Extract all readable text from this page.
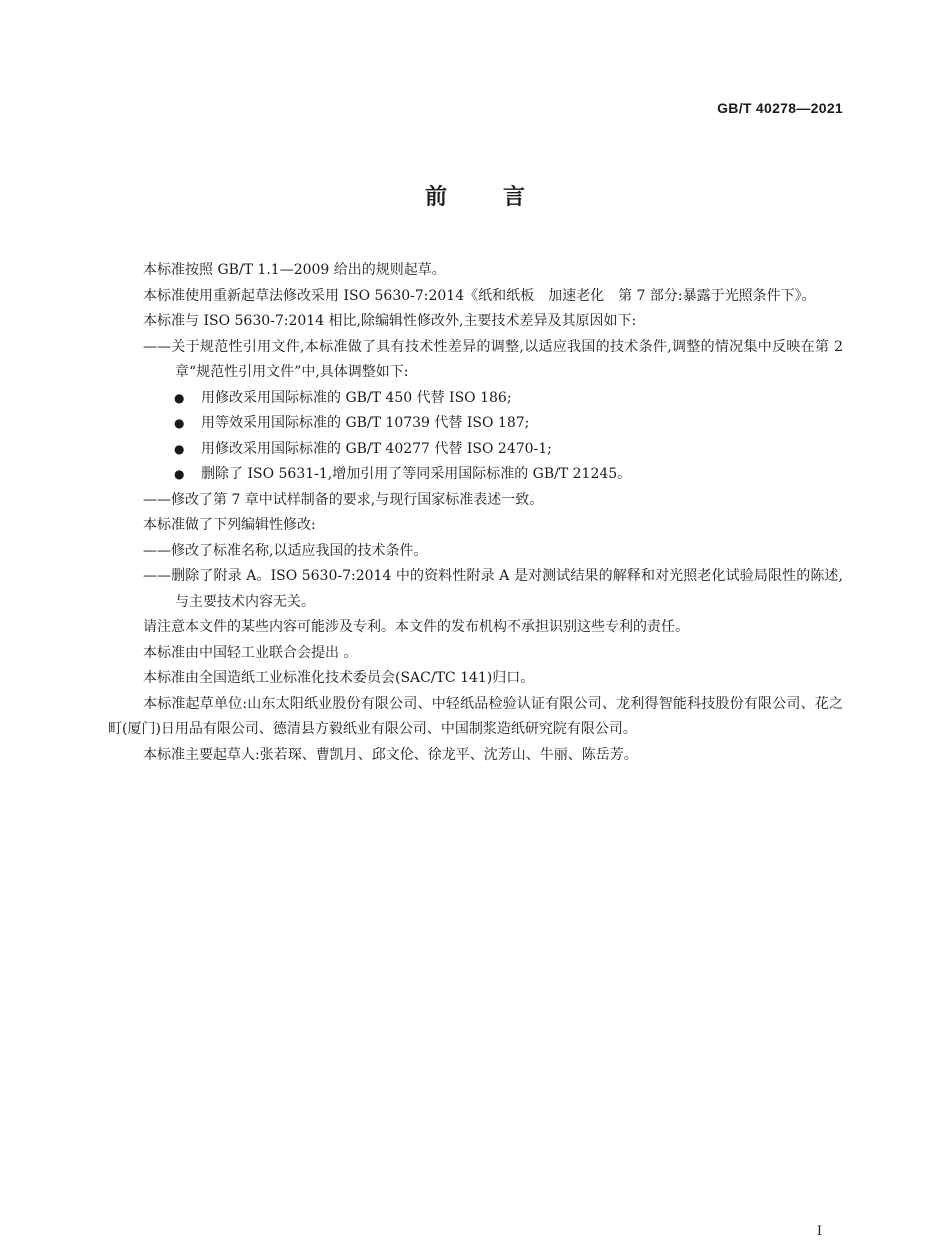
GB/T 40278—2021
前言

本标准按照 GB/T 1.1—2009 给出的规则起草。

本标准使用重新起草法修改采用 ISO 5630-7:2014《纸和纸板　加速老化　第 7 部分:暴露于光照条件下》。

本标准与 ISO 5630-7:2014 相比,除编辑性修改外,主要技术差异及其原因如下:

——关于规范性引用文件,本标准做了具有技术性差异的调整,以适应我国的技术条件,调整的情况集中反映在第 2 章“规范性引用文件”中,具体调整如下:

● 用修改采用国际标准的 GB/T 450 代替 ISO 186;
● 用等效采用国际标准的 GB/T 10739 代替 ISO 187;
● 用修改采用国际标准的 GB/T 40277 代替 ISO 2470-1;
● 删除了 ISO 5631-1,增加引用了等同采用国际标准的 GB/T 21245。

——修改了第 7 章中试样制备的要求,与现行国家标准表述一致。

本标准做了下列编辑性修改:

——修改了标准名称,以适应我国的技术条件。

——删除了附录 A。ISO 5630-7:2014 中的资料性附录 A 是对测试结果的解释和对光照老化试验局限性的陈述,与主要技术内容无关。

请注意本文件的某些内容可能涉及专利。本文件的发布机构不承担识别这些专利的责任。

本标准由中国轻工业联合会提出 。

本标准由全国造纸工业标准化技术委员会(SAC/TC 141)归口。

本标准起草单位:山东太阳纸业股份有限公司、中轻纸品检验认证有限公司、龙利得智能科技股份有限公司、花之町(厦门)日用品有限公司、德清县方毅纸业有限公司、中国制浆造纸研究院有限公司。

本标准主要起草人:张若琛、曹凯月、邱文伦、徐龙平、沈芳山、牛丽、陈岳芳。

I
